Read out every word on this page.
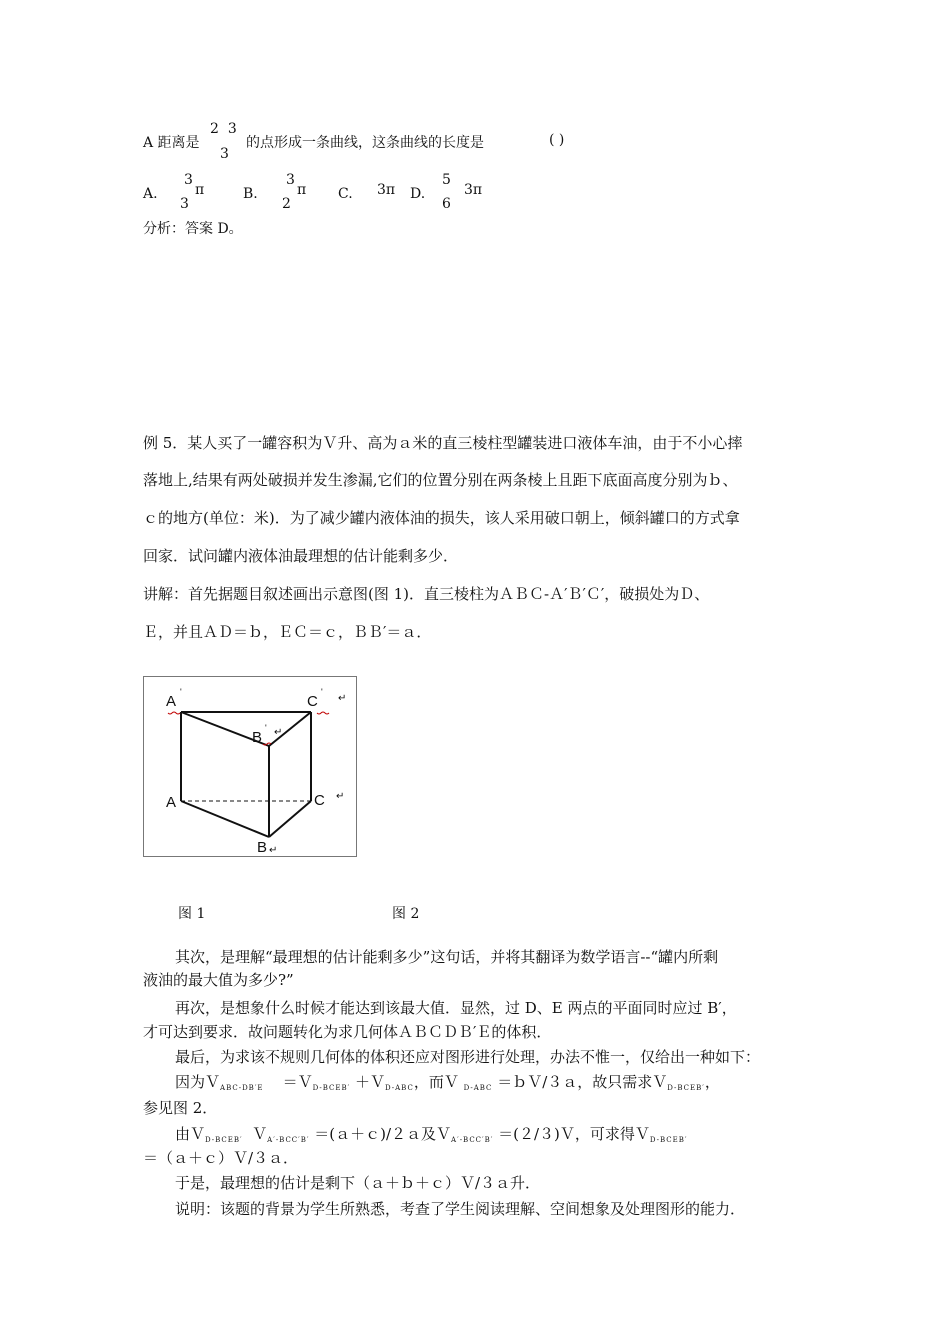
A 距离是
2 3
3
的点形成一条曲线，这条曲线的长度是	( )
A.
3
3
π	B.
3
2
π C. 3π D.
5
6
3π
分析：答案 D。
例 5．某人买了一罐容积为Ｖ升、高为ａ米的直三棱柱型罐装进口液体车油，由于不小心摔
落地上,结果有两处破损并发生渗漏,它们的位置分别在两条棱上且距下底面高度分别为ｂ、
ｃ的地方(单位：米)．为了减少罐内液体油的损失，该人采用破口朝上，倾斜罐口的方式拿
回家．试问罐内液体油最理想的估计能剩多少．
讲解：首先据题目叙述画出示意图(图 1)．直三棱柱为ＡＢＣ-Ａ′Ｂ′Ｃ′，破损处为Ｄ、
Ｅ，并且ＡＤ＝ｂ，ＥＣ＝ｃ，ＢＢ′＝ａ．
A
'
C
'
↵
B
' ↵
A	C ↵
B ↵
图 1	图 2
其次，是理解“最理想的估计能剩多少”这句话，并将其翻译为数学语言--“罐内所剩
液油的最大值为多少?”
再次，是想象什么时候才能达到该最大值．显然，过 D、E 两点的平面同时应过 B′，
才可达到要求．故问题转化为求几何体ＡＢＣＤＢ′Ｅ的体积．
最后，为求该不规则几何体的体积还应对图形进行处理，办法不惟一，仅给出一种如下：
因为Ｖ$_{ABC-DB'E}$ ＝Ｖ$_{D-BCEB'}$ ＋Ｖ$_{D-ABC}$，而Ｖ $_{D-ABC}$ ＝ｂＶ/３ａ，故只需求Ｖ$_{D-BCEB'}$，
参见图 2．
由Ｖ$_{D-BCEB'}$ Ｖ$_{A'-BCC'B'}$ ＝(ａ＋ｃ)/２ａ及Ｖ$_{A'-BCC'B'}$ ＝(２/３)Ｖ，可求得Ｖ$_{D-BCEB'}$
＝（ａ＋ｃ）Ｖ/３ａ．
于是，最理想的估计是剩下（ａ＋ｂ＋ｃ）Ｖ/３ａ升．
说明：该题的背景为学生所熟悉，考查了学生阅读理解、空间想象及处理图形的能力．
